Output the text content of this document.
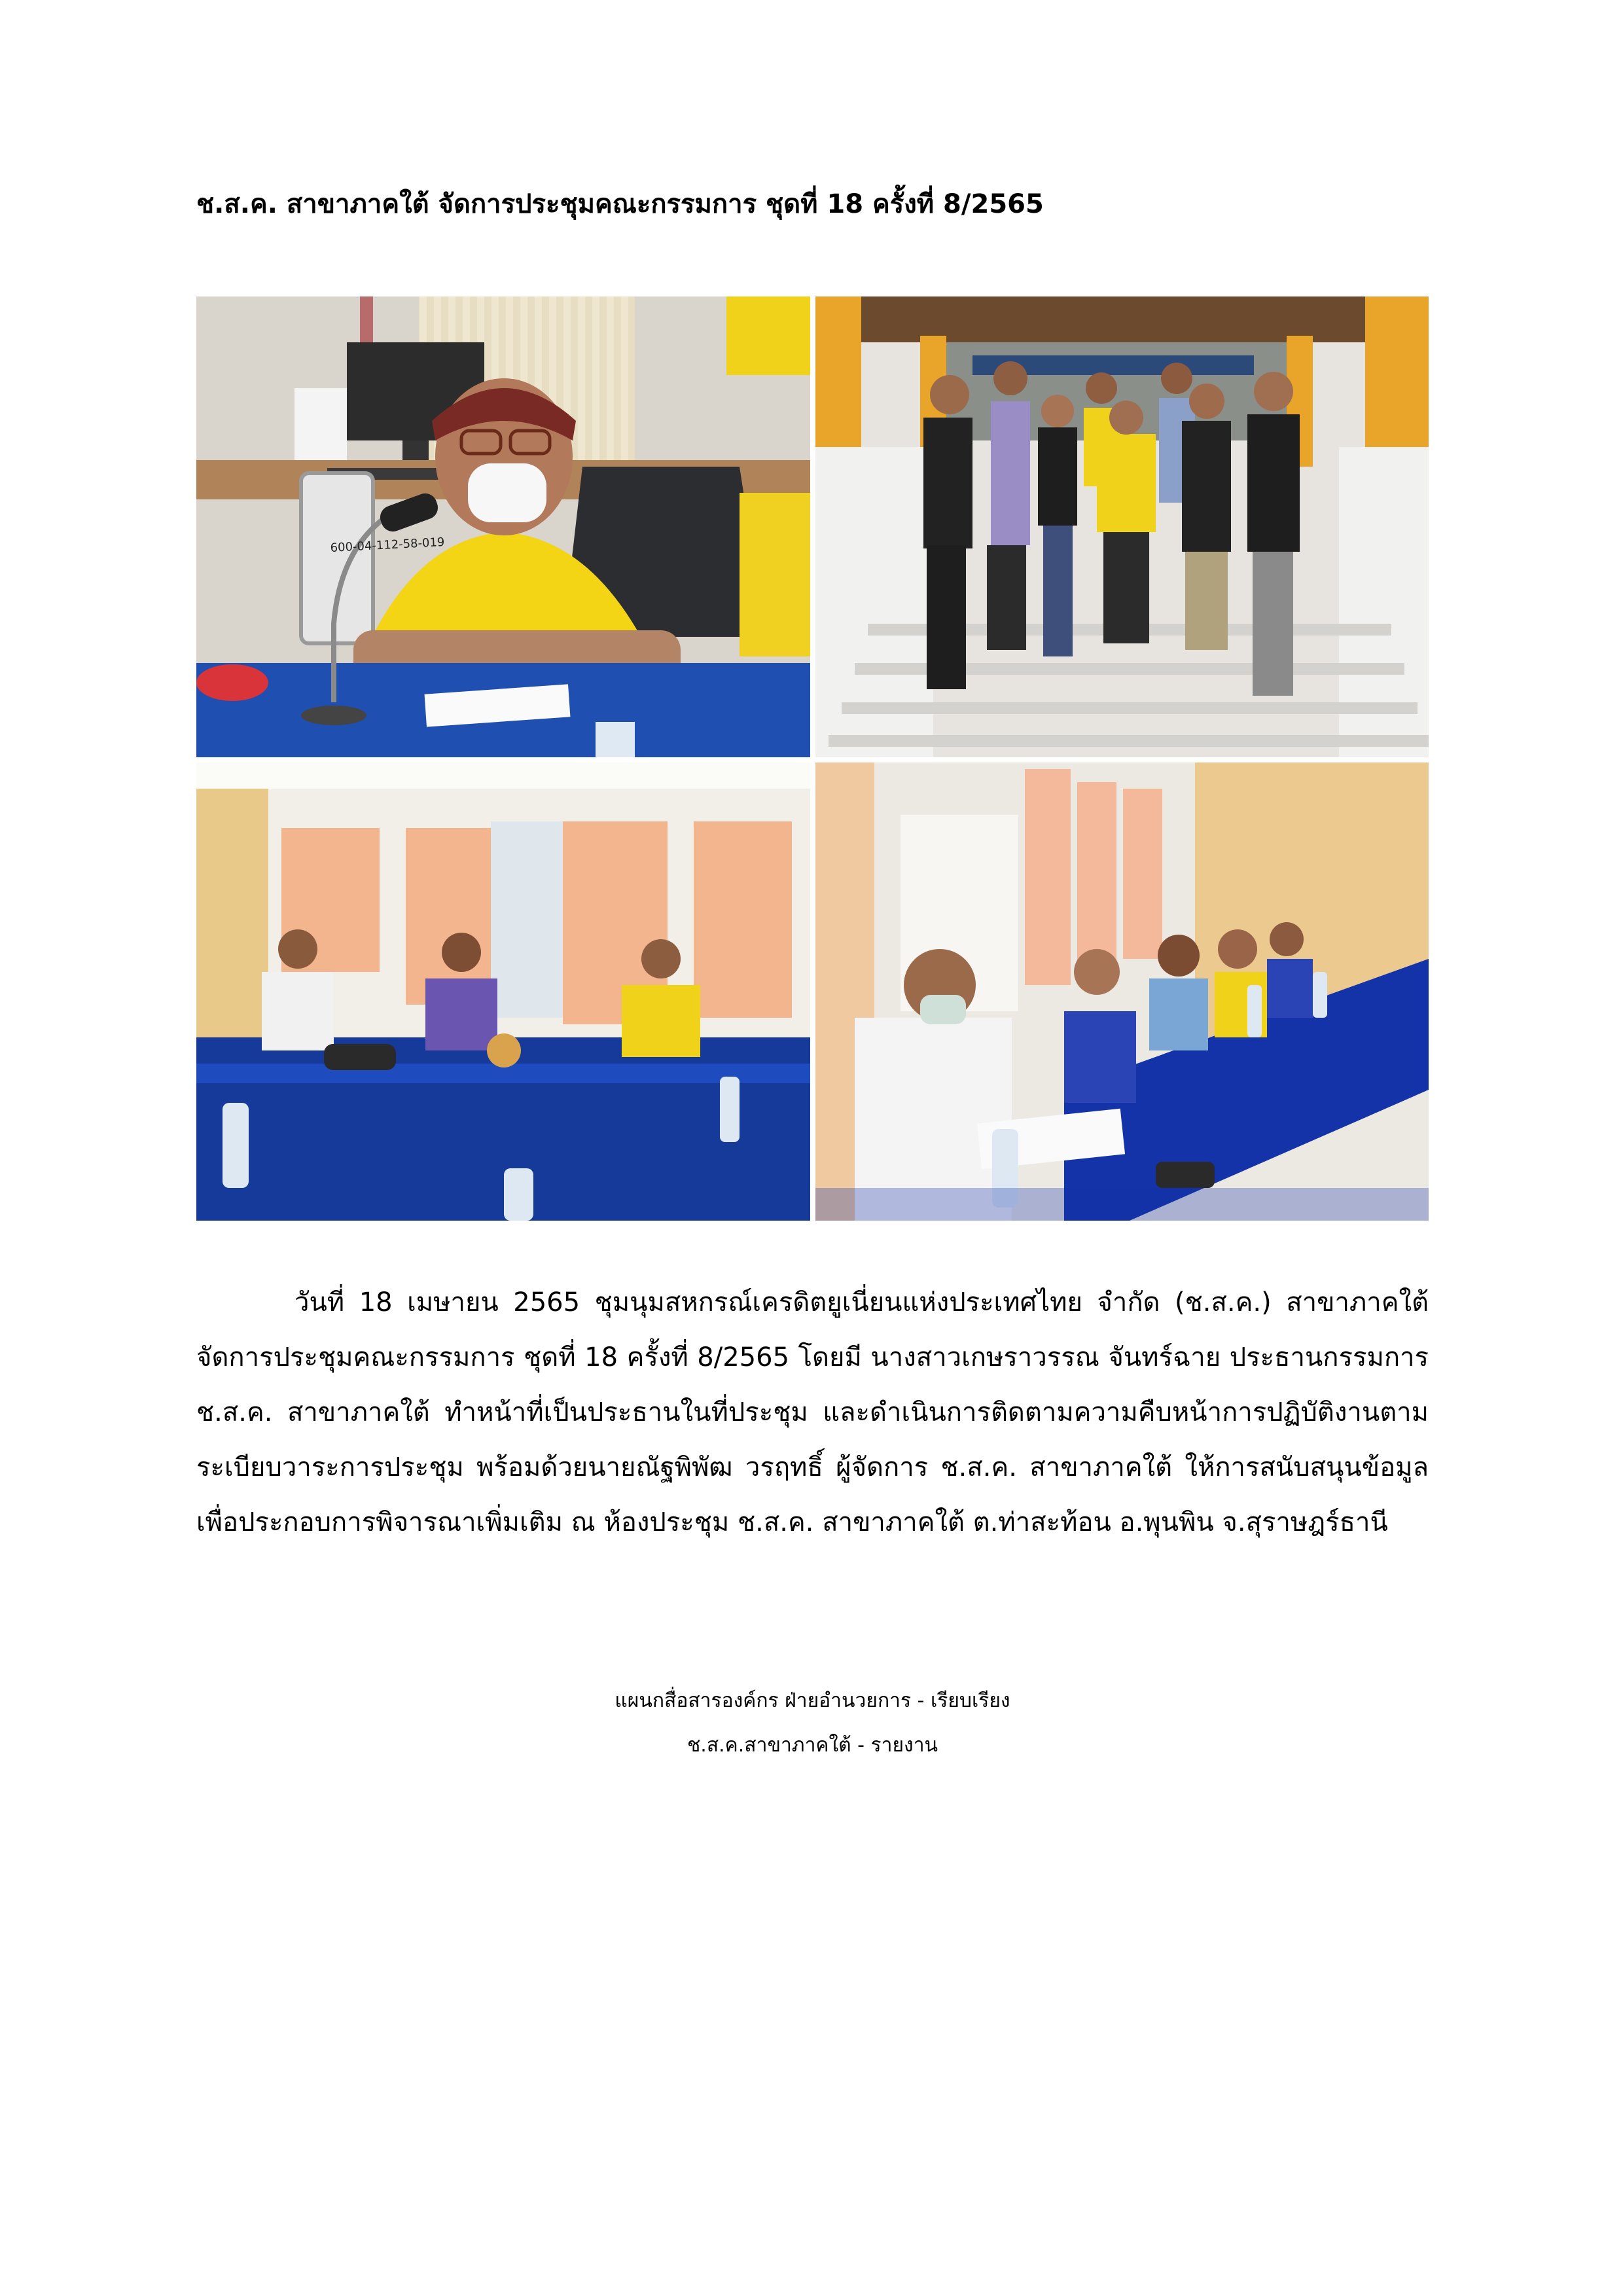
ช.ส.ค. สาขาภาคใต้ จัดการประชุมคณะกรรมการ ชุดที่ 18 ครั้งที่ 8/2565
600-04-112-58-019

วันที่ 18 เมษายน 2565 ชุมนุมสหกรณ์เครดิตยูเนี่ยนแห่งประเทศไทย จำกัด (ช.ส.ค.) สาขาภาคใต้ จัดการประชุมคณะกรรมการ ชุดที่ 18 ครั้งที่ 8/2565 โดยมี นางสาวเกษราวรรณ จันทร์ฉาย ประธานกรรมการ ช.ส.ค. สาขาภาคใต้ ทำหน้าที่เป็นประธานในที่ประชุม และดำเนินการติดตามความคืบหน้าการปฏิบัติงานตามระเบียบวาระการประชุม พร้อมด้วยนายณัฐพิพัฒ วรฤทธิ์ ผู้จัดการ ช.ส.ค. สาขาภาคใต้ ให้การสนับสนุนข้อมูลเพื่อประกอบการพิจารณาเพิ่มเติม ณ ห้องประชุม ช.ส.ค. สาขาภาคใต้ ต.ท่าสะท้อน อ.พุนพิน จ.สุราษฎร์ธานี

แผนกสื่อสารองค์กร ฝ่ายอำนวยการ - เรียบเรียง
ช.ส.ค.สาขาภาคใต้ - รายงาน
